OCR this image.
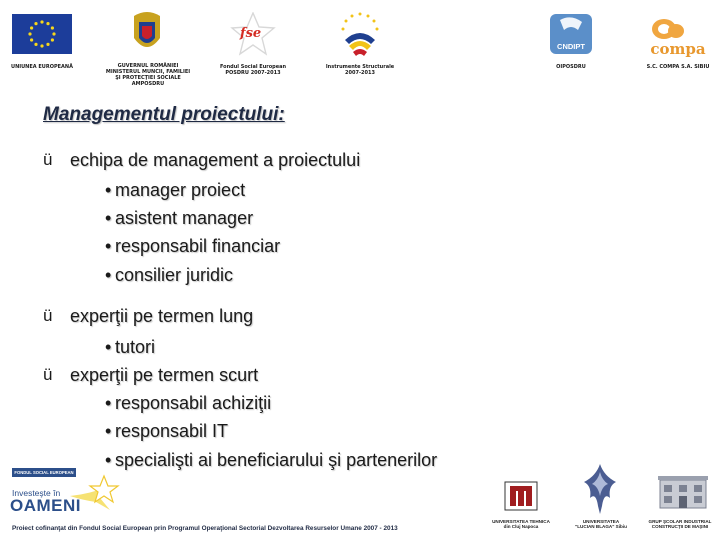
UNIUNEA EUROPEANĂ	GUVERNUL ROMÂNIEI
MINISTERUL MUNCII, FAMILIEI
ŞI PROTECŢIEI SOCIALE
AMPOSDRU
fse
Fondul Social European
POSDRU 2007-2013
Instrumente Structurale
2007-2013
CNDIPT
OIPOSDRU
compa
S.C. COMPA S.A. SIBIU
Managementul proiectului:
ü echipa de management a proiectului
• manager proiect
• asistent manager
• responsabil financiar
• consilier juridic
ü experţii pe termen lung
• tutori
ü experţii pe termen scurt
• responsabil achiziţii
• responsabil IT
• specialişti ai beneficiarului şi partenerilor
FONDUL SOCIAL EUROPEAN
Investeşte în
OAMENI
UNIVERSITATEA TEHNICA
din Cluj Napoca
UNIVERSITATEA
"LUCIAN BLAGA" Sibiu
GRUP ŞCOLAR INDUSTRIAL
CONSTRUCŢII DE MAŞINI
Proiect cofinanţat din Fondul Social European prin Programul Operaţional Sectorial Dezvoltarea Resurselor Umane 2007 - 2013
